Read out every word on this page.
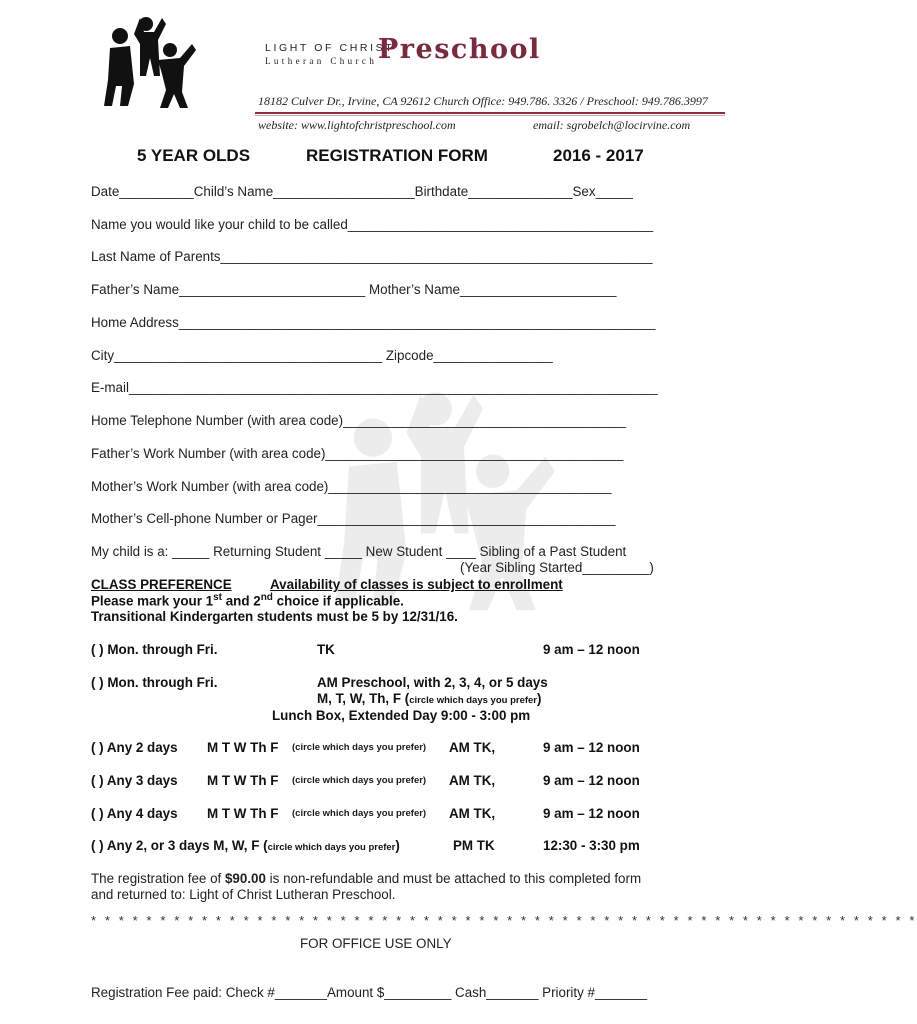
LIGHT OF CHRIST
Lutheran Church Preschool
18182 Culver Dr., Irvine, CA 92612 Church Office: 949.786. 3326 / Preschool: 949.786.3997
website: www.lightofchristpreschool.com	email: sgrobelch@locirvine.com
5 YEAR OLDS	REGISTRATION FORM	2016 - 2017
Date__________Child’s Name___________________Birthdate______________Sex_____
Name you would like your child to be called_________________________________________
Last Name of Parents__________________________________________________________
Father’s Name_________________________ Mother’s Name_____________________
Home Address________________________________________________________________
City____________________________________ Zipcode________________
E-mail_______________________________________________________________________
Home Telephone Number (with area code)______________________________________
Father’s Work Number (with area code)________________________________________
Mother’s Work Number (with area code)______________________________________
Mother’s Cell-phone Number or Pager________________________________________
My child is a: _____ Returning Student _____ New Student ____ Sibling of a Past Student
(Year Sibling Started_________)
CLASS PREFERENCE	Availability of classes is subject to enrollment
Please mark your 1st and 2nd choice if applicable.
Transitional Kindergarten students must be 5 by 12/31/16.
( ) Mon. through Fri.	TK	9 am – 12 noon
( ) Mon. through Fri.	AM Preschool, with 2, 3, 4, or 5 days
M, T, W, Th, F (circle which days you prefer)
Lunch Box, Extended Day 9:00 - 3:00 pm
( ) Any 2 days M T W Th F (circle which days you prefer) AM TK,	9 am – 12 noon
( ) Any 3 days M T W Th F (circle which days you prefer) AM TK,	9 am – 12 noon
( ) Any 4 days M T W Th F (circle which days you prefer) AM TK,	9 am – 12 noon
( ) Any 2, or 3 days M, W, F (circle which days you prefer)	PM TK	12:30 - 3:30 pm
The registration fee of $90.00 is non-refundable and must be attached to this completed form
and returned to: Light of Christ Lutheran Preschool.
* * * * * * * * * * * * * * * * * * * * * * * * * * * * * * * * * * * * * * * * * * * * * * * * * * * * * * * * * * * *
FOR OFFICE USE ONLY
Registration Fee paid: Check #_______Amount $_________ Cash_______ Priority #_______
